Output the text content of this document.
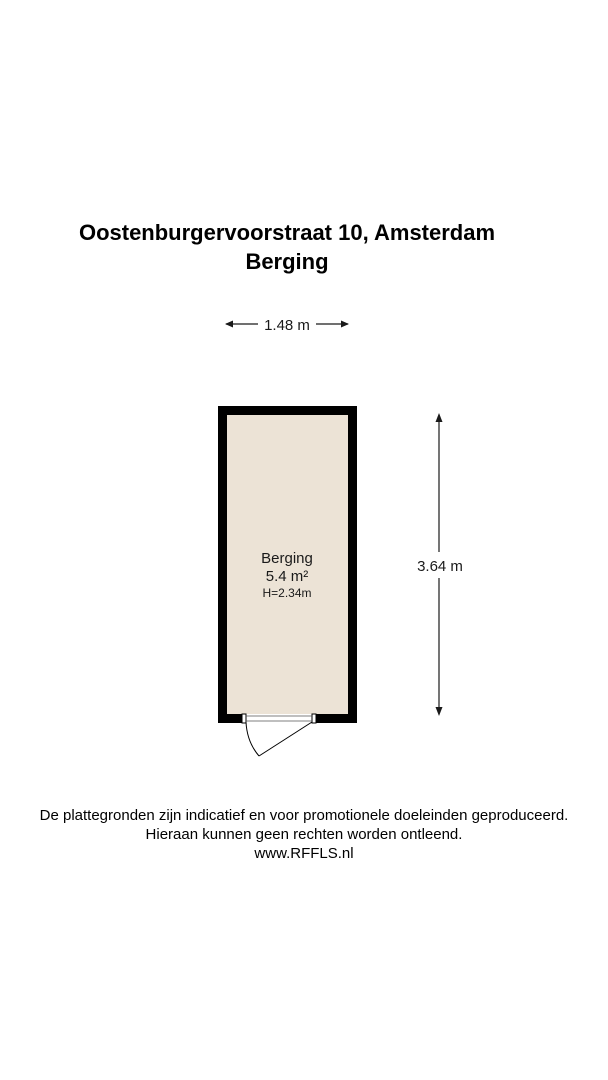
Oostenburgervoorstraat 10, Amsterdam
Berging
1.48 m
3.64 m
Berging
5.4 m²
H=2.34m
De plattegronden zijn indicatief en voor promotionele doeleinden geproduceerd.
Hieraan kunnen geen rechten worden ontleend.
www.RFFLS.nl
